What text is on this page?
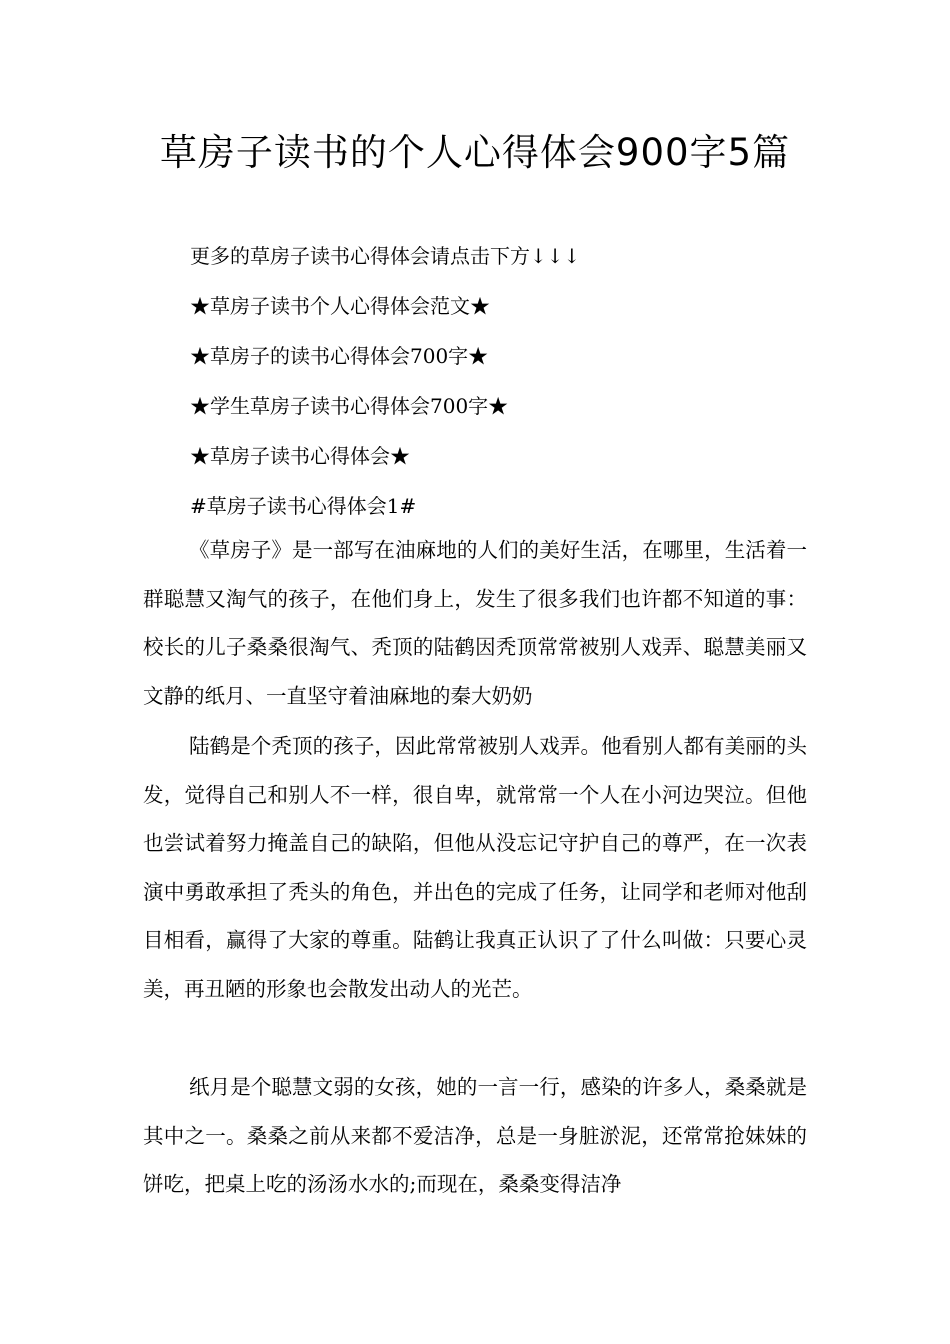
草房子读书的个人心得体会900字5篇
更多的草房子读书心得体会请点击下方↓↓↓
★草房子读书个人心得体会范文★
★草房子的读书心得体会700字★
★学生草房子读书心得体会700字★
★草房子读书心得体会★
#草房子读书心得体会1#

《草房子》是一部写在油麻地的人们的美好生活，在哪里，生活着一群聪慧又淘气的孩子，在他们身上，发生了很多我们也许都不知道的事：校长的儿子桑桑很淘气、秃顶的陆鹤因秃顶常常被别人戏弄、聪慧美丽又文静的纸月、一直坚守着油麻地的秦大奶奶

陆鹤是个秃顶的孩子，因此常常被别人戏弄。他看别人都有美丽的头发，觉得自己和别人不一样，很自卑，就常常一个人在小河边哭泣。但他也尝试着努力掩盖自己的缺陷，但他从没忘记守护自己的尊严，在一次表演中勇敢承担了秃头的角色，并出色的完成了任务，让同学和老师对他刮目相看，赢得了大家的尊重。陆鹤让我真正认识了了什么叫做：只要心灵美，再丑陋的形象也会散发出动人的光芒。

纸月是个聪慧文弱的女孩，她的一言一行，感染的许多人，桑桑就是其中之一。桑桑之前从来都不爱洁净，总是一身脏淤泥，还常常抢妹妹的饼吃，把桌上吃的汤汤水水的;而现在，桑桑变得洁净
